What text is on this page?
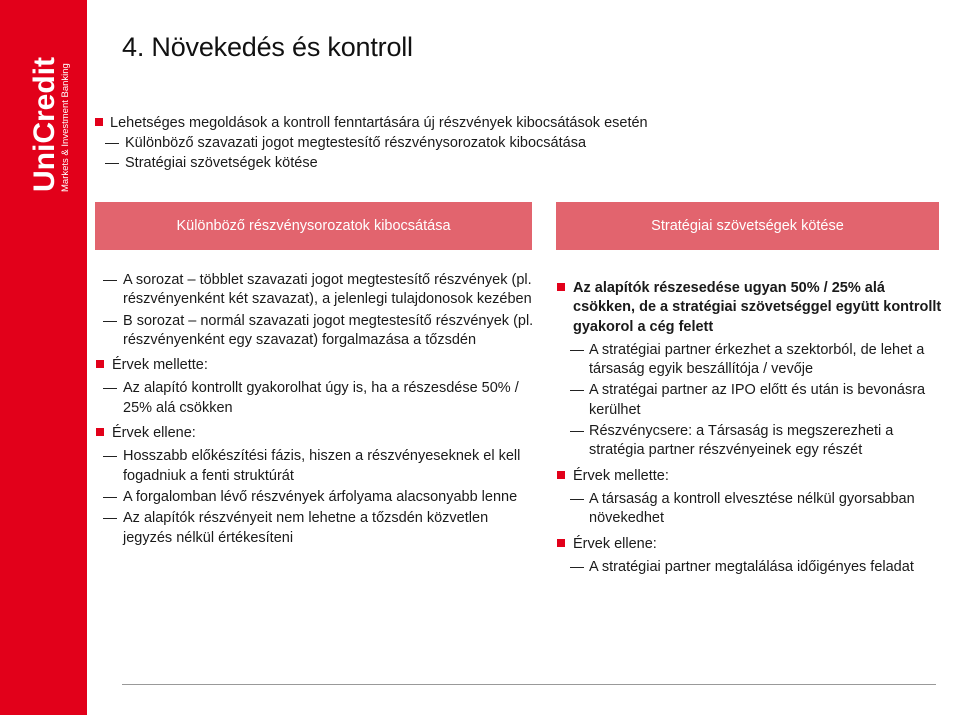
UniCredit Markets & Investment Banking
4. Növekedés és kontroll
Lehetséges megoldások a kontroll fenntartására új részvények kibocsátások esetén
Különböző szavazati jogot megtestesítő részvénysorozatok kibocsátása
Stratégiai szövetségek kötése
Különböző részvénysorozatok kibocsátása	Stratégiai szövetségek kötése
A sorozat – többlet szavazati jogot megtestesítő részvények (pl. részvényenként két szavazat), a jelenlegi tulajdonosok kezében
B sorozat – normál szavazati jogot megtestesítő részvények (pl. részvényenként egy szavazat) forgalmazása a tőzsdén
Érvek mellette:
Az alapító kontrollt gyakorolhat úgy is, ha a részesdése 50% / 25% alá csökken
Érvek ellene:
Hosszabb előkészítési fázis, hiszen a részvényeseknek el kell fogadniuk a fenti struktúrát
A forgalomban lévő részvények árfolyama alacsonyabb lenne
Az alapítók részvényeit nem lehetne a tőzsdén közvetlen jegyzés nélkül értékesíteni
Az alapítók részesedése ugyan 50% / 25% alá csökken, de a stratégiai szövetséggel együtt kontrollt gyakorol a cég felett
A stratégiai partner érkezhet a szektorból, de lehet a társaság egyik beszállítója / vevője
A stratégai partner az IPO előtt és után is bevonásra kerülhet
Részvénycsere: a Társaság is megszerezheti a stratégia partner részvényeinek egy részét
Érvek mellette:
A társaság a kontroll elvesztése nélkül gyorsabban növekedhet
Érvek ellene:
A stratégiai partner megtalálása időigényes feladat
